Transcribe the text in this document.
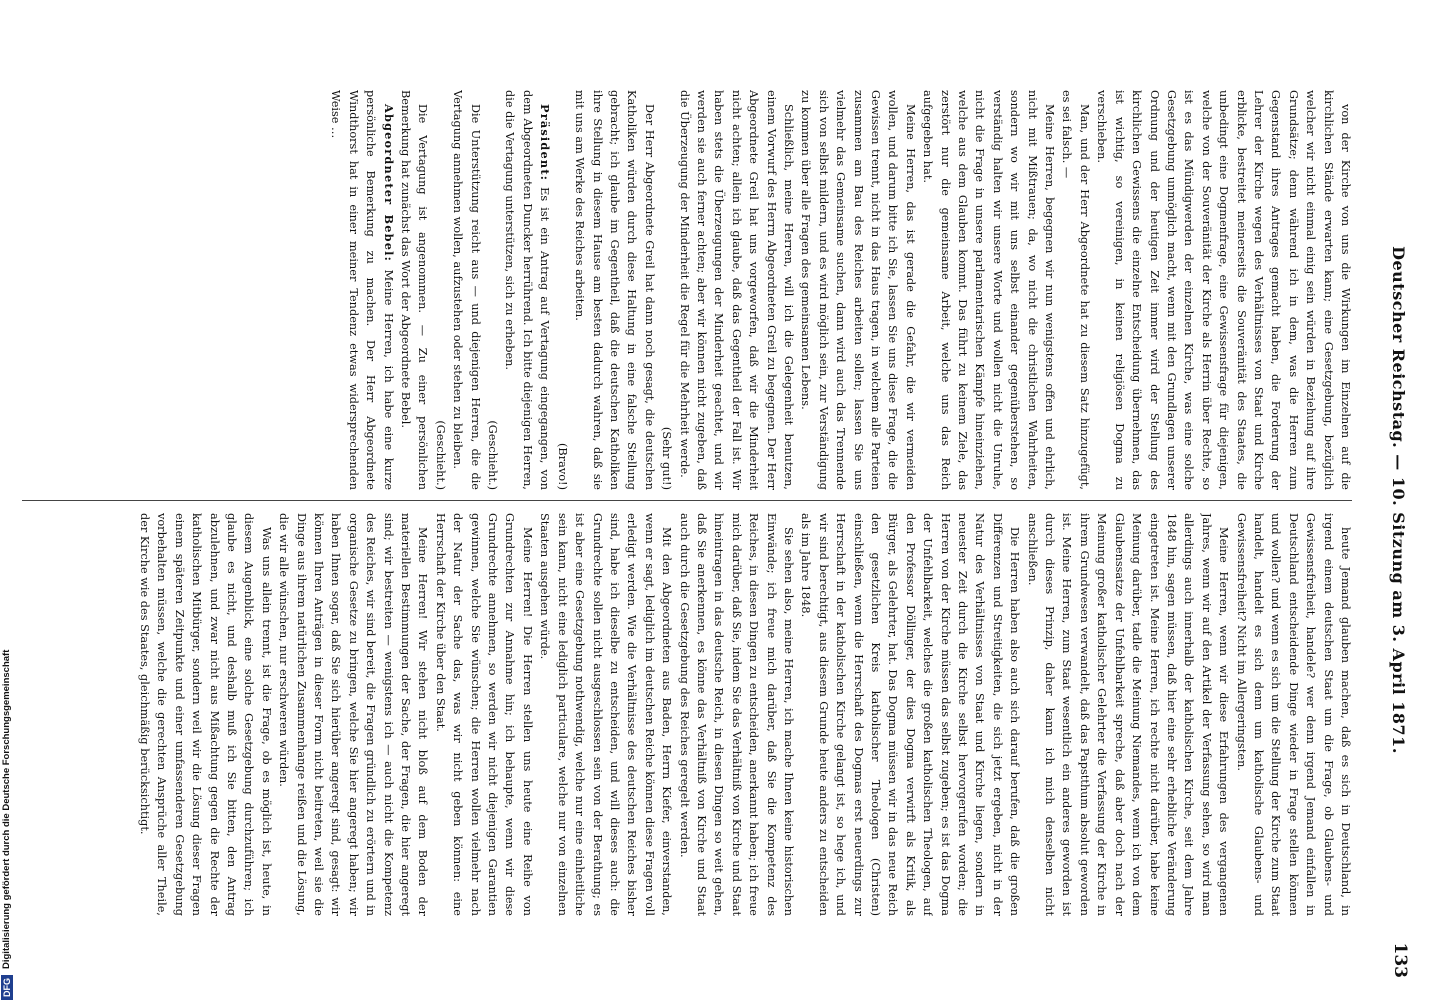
Deutscher Reichstag. — 10. Sitzung am 3. April 1871.
133

von der Kirche von uns die Wirkungen im Einzelnen auf die kirchlichen Stände erwarten kann; eine Gesetzgebung, bezüglich welcher wir nicht einmal einig sein würden in Beziehung auf ihre Grundsätze; denn während ich in dem, was die Herren zum Gegenstand ihres Antrages gemacht haben, die Forderung der Lehrer der Kirche wegen des Verhältnisses von Staat und Kirche erblicke, bestreitet meinerseits die Souveränität des Staates, die unbedingt eine Dogmenfrage, eine Gewissensfrage für diejenigen, welche von der Souveränität der Kirche als Herrin über Rechte, so ist es das Mündigwerden der einzelnen Kirche, was eine solche Gesetzgebung unmöglich macht, wenn mit den Grundlagen unserer Ordnung und der heutigen Zeit immer wird der Stellung des kirchlichen Gewissens die einzelne Entscheidung übernehmen, das ist wichtig, so vereinigen, in keinen religiösen Dogma zu verschieben.

Man, und der Herr Abgeordnete hat zu diesem Satz hinzugefügt, es sei falsch. —

Meine Herren, begegnen wir nun wenigstens offen und ehrlich, nicht mit Mißtrauen; da, wo nicht die christlichen Wahrheiten, sondern wo wir mit uns selbst einander gegenüberstehen, so verständig halten wir unsere Worte und wollen nicht die Unruhe, nicht die Frage in unsere parlamentarischen Kämpfe hineinziehen, welche aus dem Glauben kommt. Das führt zu keinem Ziele, das zerstört nur die gemeinsame Arbeit, welche uns das Reich aufgegeben hat.

Meine Herren, das ist gerade die Gefahr, die wir vermeiden wollen, und darum bitte ich Sie, lassen Sie uns diese Frage, die die Gewissen trennt, nicht in das Haus tragen, in welchem alle Parteien zusammen am Bau des Reiches arbeiten sollen; lassen Sie uns vielmehr das Gemeinsame suchen, dann wird auch das Trennende sich von selbst mildern, und es wird möglich sein, zur Verständigung zu kommen über alle Fragen des gemeinsamen Lebens.

Schließlich, meine Herren, will ich die Gelegenheit benutzen, einem Vorwurf des Herrn Abgeordneten Greil zu begegnen. Der Herr Abgeordnete Greil hat uns vorgeworfen, daß wir die Minderheit nicht achten; allein ich glaube, daß das Gegentheil der Fall ist. Wir haben stets die Überzeugungen der Minderheit geachtet, und wir werden sie auch ferner achten; aber wir können nicht zugeben, daß die Überzeugung der Minderheit die Regel für die Mehrheit werde.

(Sehr gut!)

Der Herr Abgeordnete Greil hat dann noch gesagt, die deutschen Katholiken würden durch diese Haltung in eine falsche Stellung gebracht; ich glaube im Gegentheil, daß die deutschen Katholiken ihre Stellung in diesem Hause am besten dadurch wahren, daß sie mit uns am Werke des Reiches arbeiten.

(Bravo!)

Präsident: Es ist ein Antrag auf Vertagung eingegangen, von dem Abgeordneten Duncker herrührend. Ich bitte diejenigen Herren, die die Vertagung unterstützen, sich zu erheben.

(Geschieht.)

Die Unterstützung reicht aus — und diejenigen Herren, die die Vertagung annehmen wollen, aufzustehen oder stehen zu bleiben.

(Geschieht.)

Die Vertagung ist angenommen. — Zu einer persönlichen Bemerkung hat zunächst das Wort der Abgeordnete Bebel.

Abgeordneter Bebel: Meine Herren, ich habe eine kurze persönliche Bemerkung zu machen. Der Herr Abgeordnete Windthorst hat in einer meiner Tendenz etwas widersprechenden Weise …

heute Jemand glauben machen, daß es sich in Deutschland, in irgend einem deutschen Staat um die Frage, ob Glaubens- und Gewissensfreiheit, handele? wer denn irgend Jemand einfallen in Deutschland entscheidende Dinge wieder in Frage stellen können und wollen? und wenn es sich um die Stellung der Kirche zum Staat handelt, handelt es sich denn um katholische Glaubens- und Gewissensfreiheit? Nicht im Allergeringsten.

Meine Herren, wenn wir diese Erfahrungen des vergangenen Jahres, wenn wir auf den Artikel der Verfassung sehen, so wird man allerdings auch innerhalb der katholischen Kirche, seit dem Jahre 1848 hin, sagen müssen, daß hier eine sehr erhebliche Veränderung eingetreten ist. Meine Herren, ich rechte nicht darüber, habe keine Meinung darüber, tadle die Meinung Niemandes, wenn ich von dem Glaubenssatze der Unfehlbarkeit spreche, daß aber doch nach der Meinung großer katholischer Gelehrter die Verfassung der Kirche in ihrem Grundwesen verwandelt, daß das Papstthum absolut geworden ist. Meine Herren, zum Staat wesentlich ein anderes geworden ist durch dieses Prinzip, daher kann ich mich denselben nicht anschließen.

Die Herren haben also auch sich darauf berufen, daß die großen Differenzen und Streitigkeiten, die sich jetzt ergeben, nicht in der Natur des Verhältnisses von Staat und Kirche liegen, sondern in neuester Zeit durch die Kirche selbst hervorgerufen worden; die Herren von der Kirche müssen das selbst zugeben; es ist das Dogma der Unfehlbarkeit, welches die großen katholischen Theologen, auf den Professor Döllinger, der dies Dogma verwirft als Kritik, als Bürger, als Gelehrter, hat. Das Dogma müssen wir in das neue Reich den gesetzlichen Kreis katholischer Theologen (Christen) einschließen, wenn die Herrschaft des Dogmas erst neuerdings zur Herrschaft in der katholischen Kirche gelangt ist, so hege ich, und wir sind berechtigt, aus diesem Grunde heute anders zu entscheiden als im Jahre 1848.

Sie sehen also, meine Herren, ich mache Ihnen keine historischen Einwände; ich freue mich darüber, daß Sie die Kompetenz des Reiches, in diesen Dingen zu entscheiden, anerkannt haben; ich freue mich darüber, daß Sie, indem Sie das Verhältniß von Kirche und Staat hineintragen in das deutsche Reich, in diesen Dingen so weit gehen, daß Sie anerkennen, es könne das Verhältniß von Kirche und Staat auch durch die Gesetzgebung des Reiches geregelt werden.

Mit den Abgeordneten aus Baden, Herrn Kiefer, einverstanden, wenn er sagt, lediglich im deutschen Reiche können diese Fragen voll erledigt werden. Wie die Verhältnisse des deutschen Reiches bisher sind, habe ich dieselbe zu entscheiden, und will dieses auch: die Grundrechte sollen nicht ausgeschlossen sein von der Berathung; es ist aber eine Gesetzgebung nothwendig, welche nur eine einheitliche sein kann, nicht eine lediglich particulare, welche nur von einzelnen Staaten ausgehen würde.

Meine Herren! Die Herren stellen uns heute eine Reihe von Grundrechten zur Annahme hin; ich behaupte, wenn wir diese Grundrechte annehmen, so werden wir nicht diejenigen Garantien gewinnen, welche Sie wünschen; die Herren wollen vielmehr nach der Natur der Sache das, was wir nicht geben können: eine Herrschaft der Kirche über den Staat.

Meine Herren! Wir stehen nicht bloß auf dem Boden der materiellen Bestimmungen der Sache, der Fragen, die hier angeregt sind; wir bestreiten — wenigstens ich — auch nicht die Kompetenz des Reiches, wir sind bereit, die Fragen gründlich zu erörtern und in organische Gesetze zu bringen, welche Sie hier angeregt haben; wir haben Ihnen sogar, daß Sie sich hierüber angeregt sind, gesagt: wir können Ihren Anträgen in dieser Form nicht beitreten, weil sie die Dinge aus ihrem natürlichen Zusammenhange reißen und die Lösung, die wir alle wünschen, nur erschweren würden.

Was uns allein trennt, ist die Frage, ob es möglich ist, heute, in diesem Augenblick, eine solche Gesetzgebung durchzuführen; ich glaube es nicht, und deshalb muß ich Sie bitten, den Antrag abzulehnen, und zwar nicht aus Mißachtung gegen die Rechte der katholischen Mitbürger, sondern weil wir die Lösung dieser Fragen einem späteren Zeitpunkte und einer umfassenderen Gesetzgebung vorbehalten müssen, welche die gerechten Ansprüche aller Theile, der Kirche wie des Staates, gleichmäßig berücksichtigt.

DFG
Digitalisierung gefördert durch die Deutsche Forschungsgemeinschaft
